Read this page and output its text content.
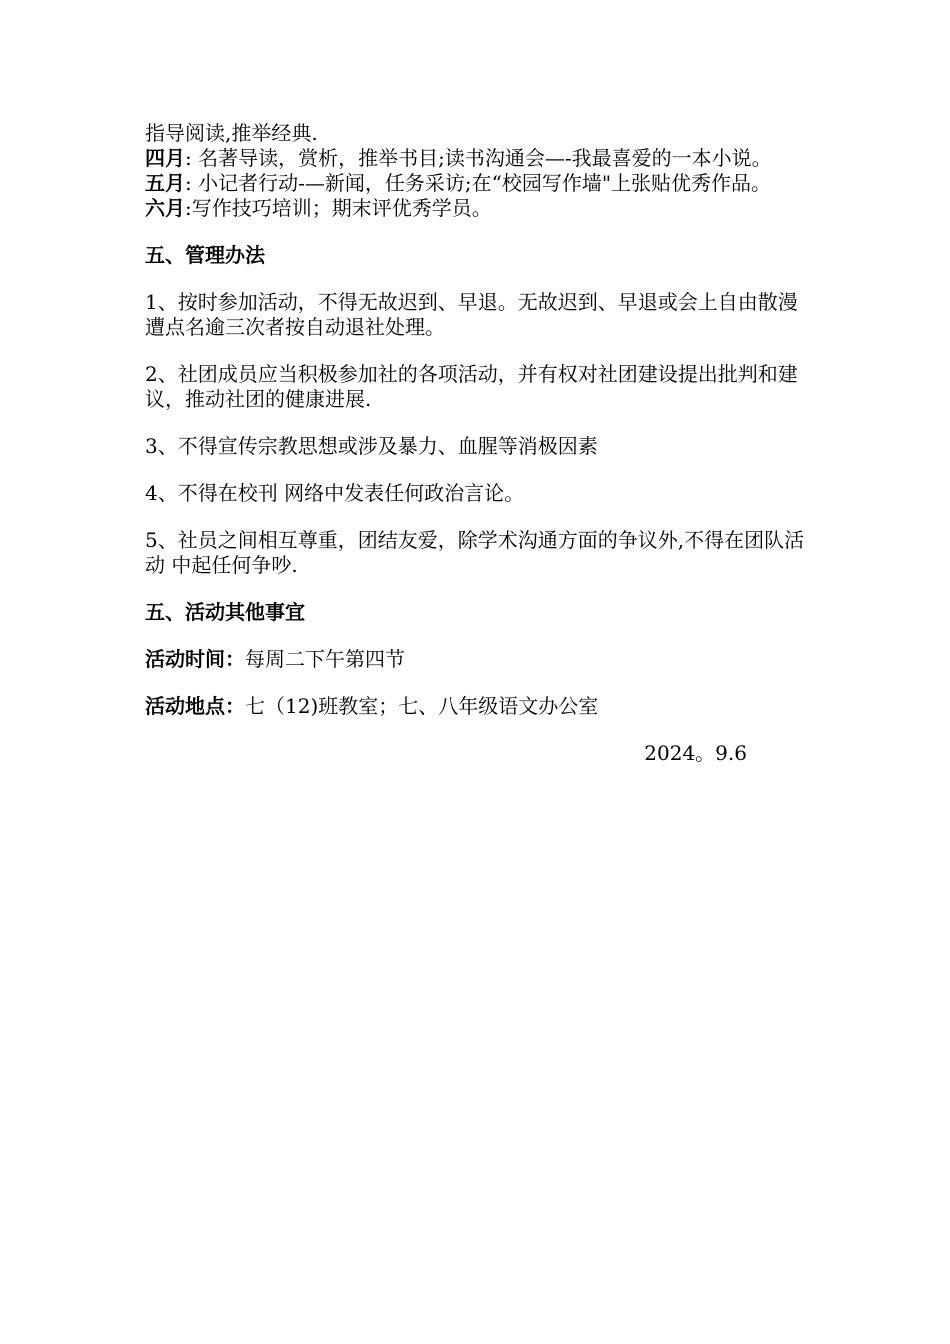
指导阅读,推举经典.
四月: 名著导读，赏析，推举书目;读书沟通会—-我最喜爱的一本小说。
五月: 小记者行动-—新闻，任务采访;在“校园写作墙"上张贴优秀作品。
六月:写作技巧培训；期末评优秀学员。
五、管理办法
1、按时参加活动，不得无故迟到、早退。无故迟到、早退或会上自由散漫遭点名逾三次者按自动退社处理。
2、社团成员应当积极参加社的各项活动，并有权对社团建设提出批判和建议，推动社团的健康进展.
3、不得宣传宗教思想或涉及暴力、血腥等消极因素
4、不得在校刊 网络中发表任何政治言论。
5、社员之间相互尊重，团结友爱，除学术沟通方面的争议外,不得在团队活动 中起任何争吵.
五、活动其他事宜
活动时间：每周二下午第四节
活动地点：七（12)班教室；七、八年级语文办公室
2024。9.6
